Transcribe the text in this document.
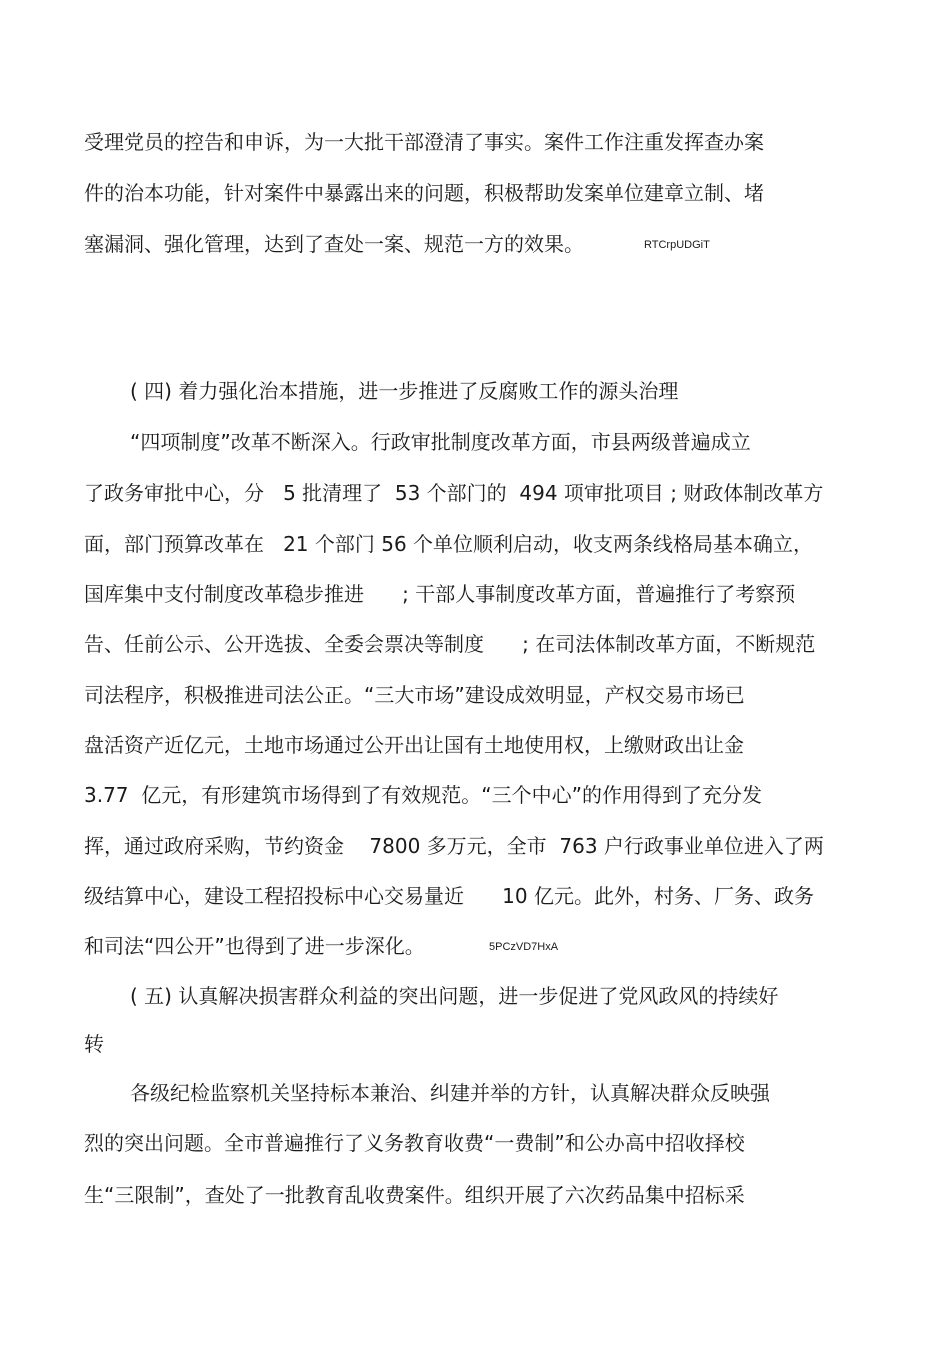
受理党员的控告和申诉，为一大批干部澄清了事实。案件工作注重发挥查办案

件的治本功能，针对案件中暴露出来的问题，积极帮助发案单位建章立制、堵

塞漏洞、强化管理，达到了查处一案、规范一方的效果。	RTCrpUDGiT

( 四) 着力强化治本措施，进一步推进了反腐败工作的源头治理

“四项制度”改革不断深入。行政审批制度改革方面，市县两级普遍成立

了政务审批中心，分   5 批清理了  53 个部门的  494 项审批项目 ; 财政体制改革方

面，部门预算改革在   21 个部门 56 个单位顺利启动，收支两条线格局基本确立，

国库集中支付制度改革稳步推进      ; 干部人事制度改革方面，普遍推行了考察预

告、任前公示、公开选拔、全委会票决等制度      ; 在司法体制改革方面，不断规范

司法程序，积极推进司法公正。“三大市场”建设成效明显，产权交易市场已

盘活资产近亿元，土地市场通过公开出让国有土地使用权，上缴财政出让金

3.77  亿元，有形建筑市场得到了有效规范。“三个中心”的作用得到了充分发

挥，通过政府采购，节约资金    7800 多万元，全市  763 户行政事业单位进入了两

级结算中心，建设工程招投标中心交易量近      10 亿元。此外，村务、厂务、政务

和司法“四公开”也得到了进一步深化。	5PCzVD7HxA

( 五) 认真解决损害群众利益的突出问题，进一步促进了党风政风的持续好

转

各级纪检监察机关坚持标本兼治、纠建并举的方针，认真解决群众反映强

烈的突出问题。全市普遍推行了义务教育收费“一费制”和公办高中招收择校

生“三限制”，查处了一批教育乱收费案件。组织开展了六次药品集中招标采
